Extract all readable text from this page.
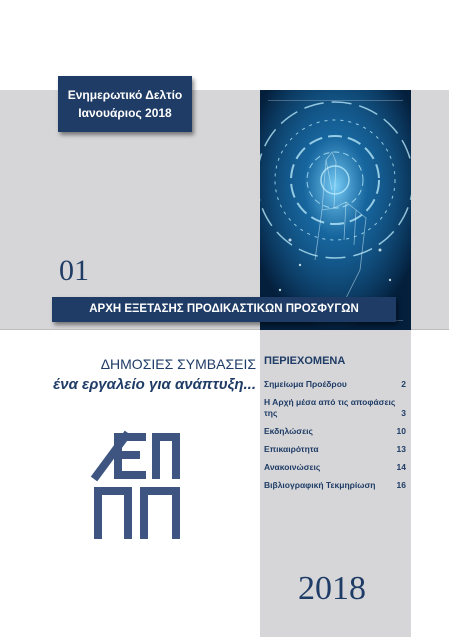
Ενημερωτικό Δελτίο
Ιανουάριος 2018
01
ΑΡΧΗ ΕΞΕΤΑΣΗΣ ΠΡΟΔΙΚΑΣΤΙΚΩΝ ΠΡΟΣΦΥΓΩΝ
ΔΗΜΟΣΙΕΣ ΣΥΜΒΑΣΕΙΣ
ένα εργαλείο για ανάπτυξη...
ΠΕΡΙΕΧΟΜΕΝΑ
Σημείωμα Προέδρου	2
Η Αρχή μέσα από τις αποφάσεις της	3
Εκδηλώσεις	10
Επικαιρότητα	13
Ανακοινώσεις	14
Βιβλιογραφική Τεκμηρίωση	16
2018
